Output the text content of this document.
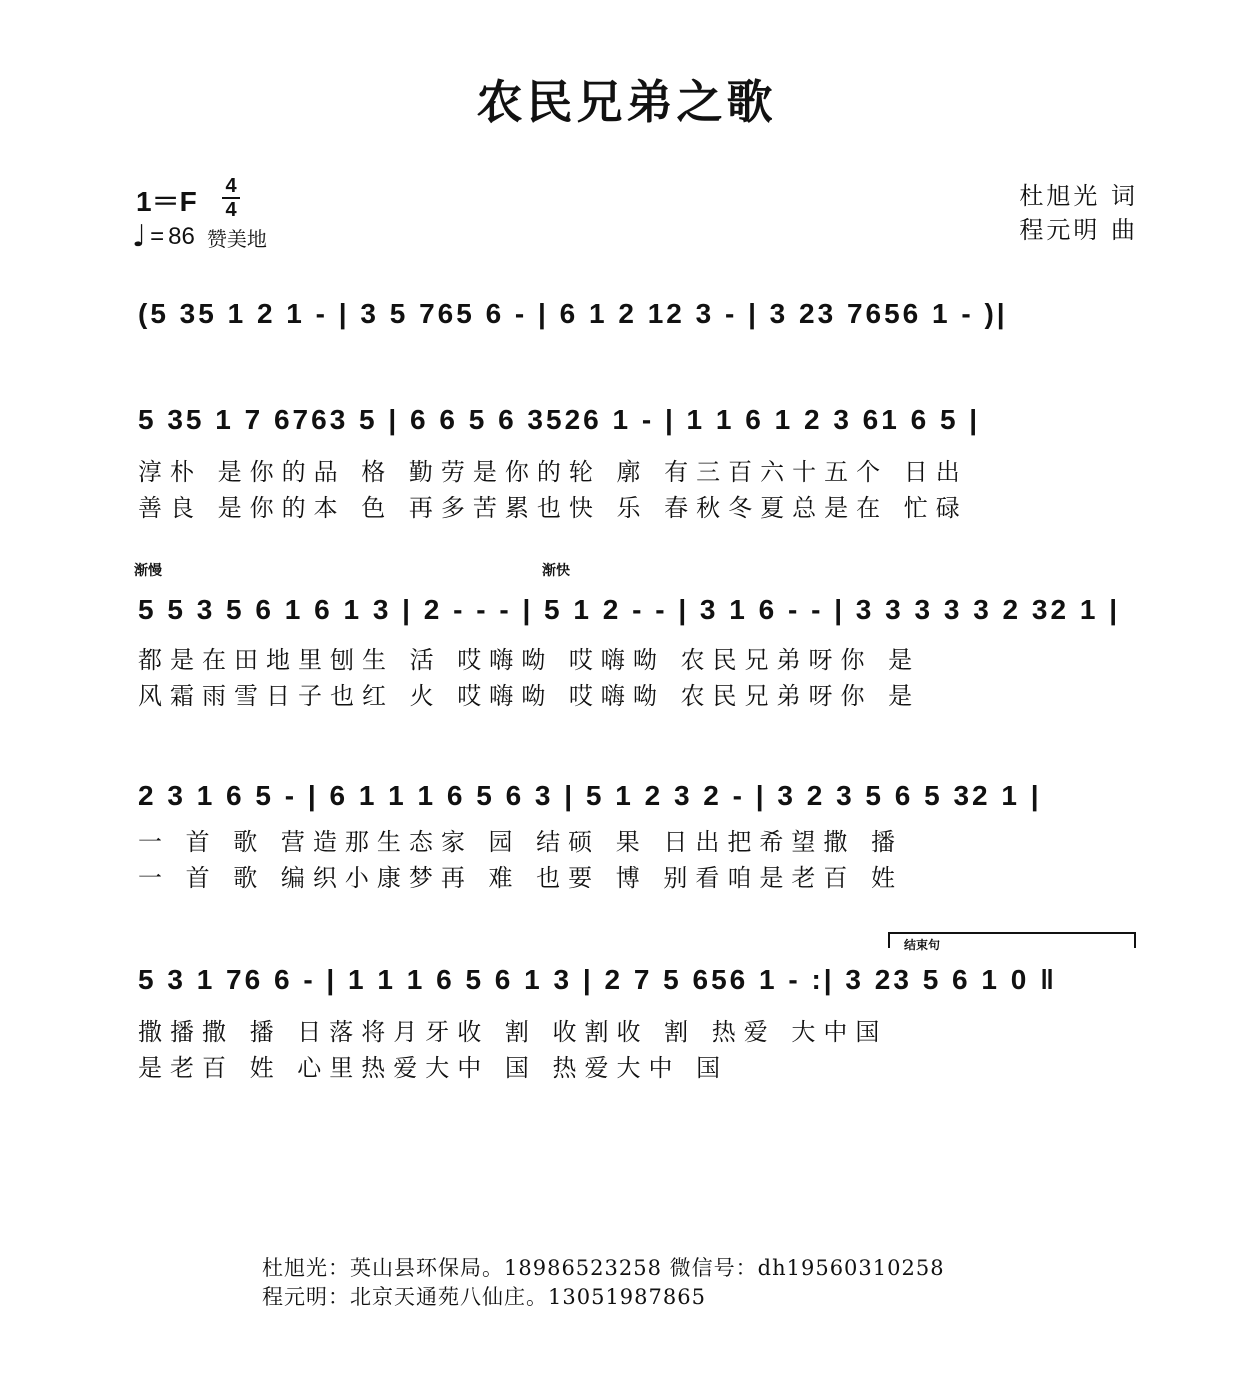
农民兄弟之歌
1＝F 4
4
♩ = 86 赞美地
杜旭光 词
程元明 曲
(5 35 1 2 1 - | 3 5 765 6 - | 6 1 2 12 3 - | 3 23 7656 1 - )|
5 35 1 7 6763 5 | 6 6 5 6 3526 1 - | 1 1 6 1 2 3 61 6 5 |
淳朴 是你的品 格 勤劳是你的轮 廓 有三百六十五个 日出
善良 是你的本 色 再多苦累也快 乐 春秋冬夏总是在 忙碌
渐慢	渐快
5 5 3 5 6 1 6 1 3 | 2 - - - | 5 1 2 - - | 3 1 6 - - | 3 3 3 3 3 2 32 1 |
都是在田地里刨生 活 哎嗨呦 哎嗨呦 农民兄弟呀你 是
风霜雨雪日子也红 火 哎嗨呦 哎嗨呦 农民兄弟呀你 是
2 3 1 6 5 - | 6 1 1 1 6 5 6 3 | 5 1 2 3 2 - | 3 2 3 5 6 5 32 1 |
一 首 歌 营造那生态家 园 结硕 果 日出把希望撒 播
一 首 歌 编织小康梦再 难 也要 博 别看咱是老百 姓
结束句
5 3 1 76 6 - | 1 1 1 6 5 6 1 3 | 2 7 5 656 1 - :| 3 23 5 6 1 0 ‖
撒播撒 播 日落将月牙收 割 收割收 割 热爱 大中国
是老百 姓 心里热爱大中 国 热爱大中 国
杜旭光：英山县环保局。18986523258 微信号：dh19560310258
程元明：北京天通苑八仙庄。13051987865
